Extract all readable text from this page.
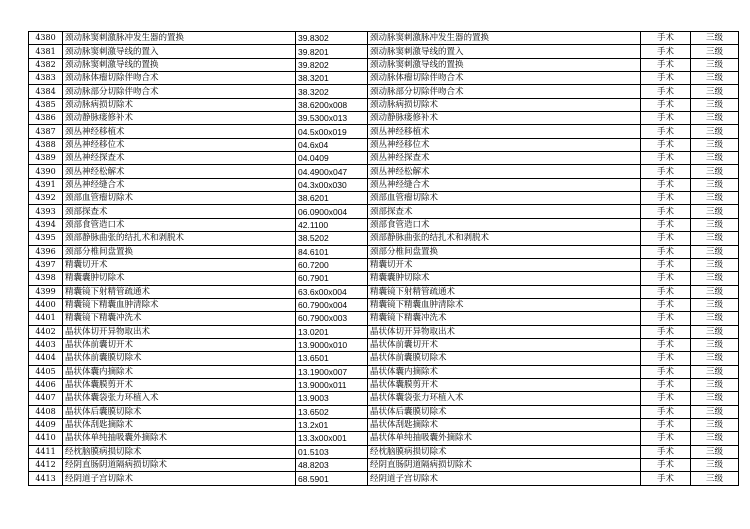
4380	颈动脉窦刺激脉冲发生器的置换	39.8302	颈动脉窦刺激脉冲发生器的置换	手术	三级
4381	颈动脉窦刺激导线的置入	39.8201	颈动脉窦刺激导线的置入	手术	三级
4382	颈动脉窦刺激导线的置换	39.8202	颈动脉窦刺激导线的置换	手术	三级
4383	颈动脉体瘤切除伴吻合术	38.3201	颈动脉体瘤切除伴吻合术	手术	三级
4384	颈动脉部分切除伴吻合术	38.3202	颈动脉部分切除伴吻合术	手术	三级
4385	颈动脉病损切除术	38.6200x008	颈动脉病损切除术	手术	三级
4386	颈动静脉瘘修补术	39.5300x013	颈动静脉瘘修补术	手术	三级
4387	颈丛神经移植术	04.5x00x019	颈丛神经移植术	手术	三级
4388	颈丛神经移位术	04.6x04	颈丛神经移位术	手术	三级
4389	颈丛神经探查术	04.0409	颈丛神经探查术	手术	三级
4390	颈丛神经松解术	04.4900x047	颈丛神经松解术	手术	三级
4391	颈丛神经缝合术	04.3x00x030	颈丛神经缝合术	手术	三级
4392	颈部血管瘤切除术	38.6201	颈部血管瘤切除术	手术	三级
4393	颈部探查术	06.0900x004	颈部探查术	手术	三级
4394	颈部食管造口术	42.1100	颈部食管造口术	手术	三级
4395	颈部静脉曲张的结扎术和剥脱术	38.5202	颈部静脉曲张的结扎术和剥脱术	手术	三级
4396	颈部分椎间盘置换	84.6101	颈部分椎间盘置换	手术	三级
4397	精囊切开术	60.7200	精囊切开术	手术	三级
4398	精囊囊肿切除术	60.7901	精囊囊肿切除术	手术	三级
4399	精囊镜下射精管疏通术	63.6x00x004	精囊镜下射精管疏通术	手术	三级
4400	精囊镜下精囊血肿清除术	60.7900x004	精囊镜下精囊血肿清除术	手术	三级
4401	精囊镜下精囊冲洗术	60.7900x003	精囊镜下精囊冲洗术	手术	三级
4402	晶状体切开异物取出术	13.0201	晶状体切开异物取出术	手术	三级
4403	晶状体前囊切开术	13.9000x010	晶状体前囊切开术	手术	三级
4404	晶状体前囊膜切除术	13.6501	晶状体前囊膜切除术	手术	三级
4405	晶状体囊内摘除术	13.1900x007	晶状体囊内摘除术	手术	三级
4406	晶状体囊膜剪开术	13.9000x011	晶状体囊膜剪开术	手术	三级
4407	晶状体囊袋张力环植入术	13.9003	晶状体囊袋张力环植入术	手术	三级
4408	晶状体后囊膜切除术	13.6502	晶状体后囊膜切除术	手术	三级
4409	晶状体刮匙摘除术	13.2x01	晶状体刮匙摘除术	手术	三级
4410	晶状体单纯抽吸囊外摘除术	13.3x00x001	晶状体单纯抽吸囊外摘除术	手术	三级
4411	经枕脑膜病损切除术	01.5103	经枕脑膜病损切除术	手术	三级
4412	经阴直肠阴道隔病损切除术	48.8203	经阴直肠阴道隔病损切除术	手术	三级
4413	经阴道子宫切除术	68.5901	经阴道子宫切除术	手术	三级
